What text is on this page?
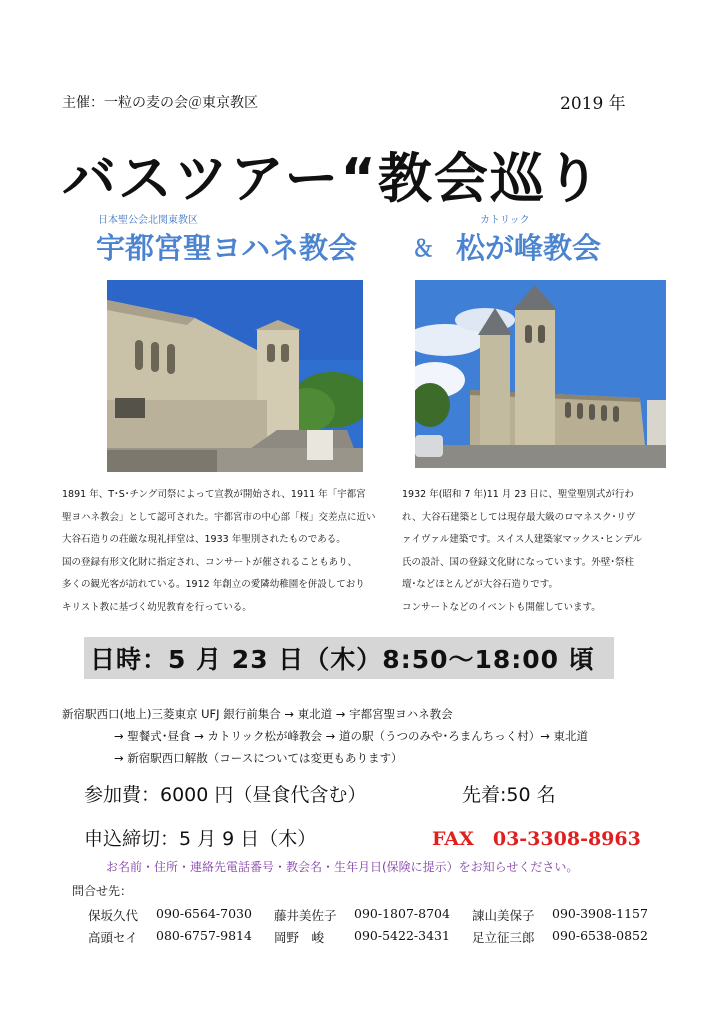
主催：一粒の麦の会＠東京教区	2019 年
バスツアー“教会巡り
日本聖公会北関東教区	カトリック
宇都宮聖ヨハネ教会 ＆ 松が峰教会
1891 年、T･S･チング司祭によって宣教が開始され、1911 年「宇都宮
聖ヨハネ教会」として認可された。宇都宮市の中心部「桜」交差点に近い
大谷石造りの荘厳な現礼拝堂は、1933 年聖別されたものである。
国の登録有形文化財に指定され、コンサートが催されることもあり、
多くの観光客が訪れている。1912 年創立の愛隣幼稚園を併設しており
キリスト教に基づく幼児教育を行っている。
1932 年(昭和 7 年)11 月 23 日に、聖堂聖別式が行わ
れ、大谷石建築としては現存最大級のロマネスク･リヴ
ァイヴァル建築です。スイス人建築家マックス･ヒンデル
氏の設計、国の登録文化財になっています。外壁･祭柱
壇･などほとんどが大谷石造りです。
コンサートなどのイベントも開催しています。
日時：5 月 23 日（木）8:50～18:00 頃
新宿駅西口(地上)三菱東京 UFJ 銀行前集合 → 東北道 → 宇都宮聖ヨハネ教会
→ 聖餐式･昼食 → カトリック松が峰教会 → 道の駅（うつのみや･ろまんちっく村）→ 東北道
→ 新宿駅西口解散（コースについては変更もあります）
参加費：6000 円（昼食代含む）	先着:50 名
申込締切：5 月 9 日（木）	FAX　03-3308-8963
お名前・住所・連絡先電話番号・教会名・生年月日(保険に提示）をお知らせください。
問合せ先：
保坂久代 090-6564-7030 藤井美佐子 090-1807-8704 諌山美保子 090-3908-1157
高頭セイ 080-6757-9814 岡野　峻 090-5422-3431 足立征三郎 090-6538-0852
